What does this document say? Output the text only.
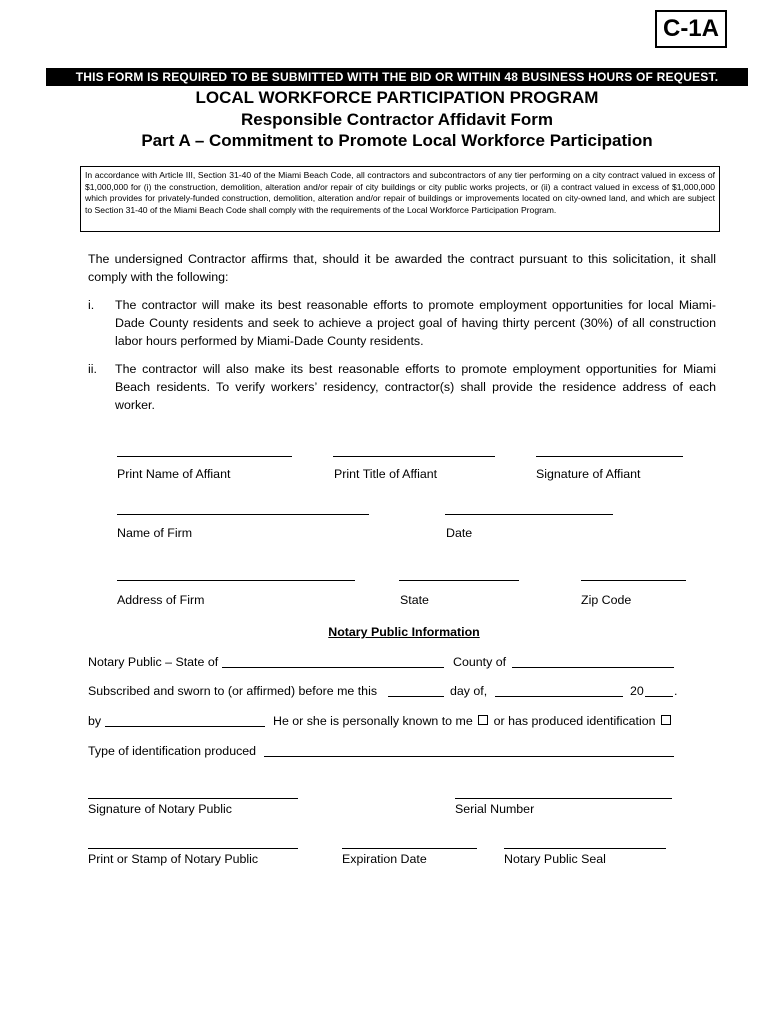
C-1A
THIS FORM IS REQUIRED TO BE SUBMITTED WITH THE BID OR WITHIN 48 BUSINESS HOURS OF REQUEST.
LOCAL WORKFORCE PARTICIPATION PROGRAM
Responsible Contractor Affidavit Form
Part A – Commitment to Promote Local Workforce Participation
In accordance with Article III, Section 31-40 of the Miami Beach Code, all contractors and subcontractors of any tier performing on a city contract valued in excess of $1,000,000 for (i) the construction, demolition, alteration and/or repair of city buildings or city public works projects, or (ii) a contract valued in excess of $1,000,000 which provides for privately-funded construction, demolition, alteration and/or repair of buildings or improvements located on city-owned land, and which are subject to Section 31-40 of the Miami Beach Code shall comply with the requirements of the Local Workforce Participation Program.
The undersigned Contractor affirms that, should it be awarded the contract pursuant to this solicitation, it shall comply with the following:
i. The contractor will make its best reasonable efforts to promote employment opportunities for local Miami-Dade County residents and seek to achieve a project goal of having thirty percent (30%) of all construction labor hours performed by Miami-Dade County residents.
ii. The contractor will also make its best reasonable efforts to promote employment opportunities for Miami Beach residents. To verify workers’ residency, contractor(s) shall provide the residence address of each worker.
Print Name of Affiant	Print Title of Affiant	Signature of Affiant
Name of Firm	Date
Address of Firm	State	Zip Code
Notary Public Information
Notary Public – State of	County of
Subscribed and sworn to (or affirmed) before me this	day of,	20 .
by	He or she is personally known to me or has produced identification
Type of identification produced
Signature of Notary Public	Serial Number
Print or Stamp of Notary Public	Expiration Date	Notary Public Seal
